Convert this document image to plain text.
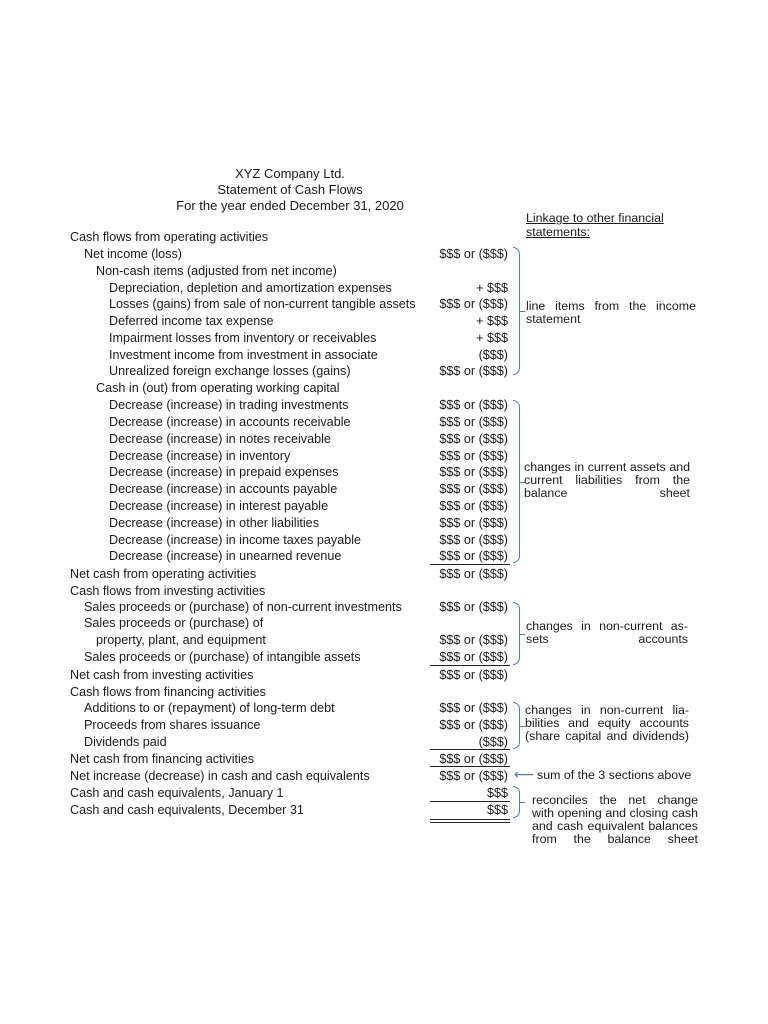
XYZ Company Ltd.
Statement of Cash Flows
For the year ended December 31, 2020
Linkage to other financial statements:
Cash flows from operating activities
Net income (loss)	$$$ or ($$$)
Non-cash items (adjusted from net income)
Depreciation, depletion and amortization expenses	+ $$$
Losses (gains) from sale of non-current tangible assets	$$$ or ($$$)
Deferred income tax expense	+ $$$
Impairment losses from inventory or receivables	+ $$$
Investment income from investment in associate	($$$)
Unrealized foreign exchange losses (gains)	$$$ or ($$$)
Cash in (out) from operating working capital
Decrease (increase) in trading investments	$$$ or ($$$)
Decrease (increase) in accounts receivable	$$$ or ($$$)
Decrease (increase) in notes receivable	$$$ or ($$$)
Decrease (increase) in inventory	$$$ or ($$$)
Decrease (increase) in prepaid expenses	$$$ or ($$$)
Decrease (increase) in accounts payable	$$$ or ($$$)
Decrease (increase) in interest payable	$$$ or ($$$)
Decrease (increase) in other liabilities	$$$ or ($$$)
Decrease (increase) in income taxes payable	$$$ or ($$$)
Decrease (increase) in unearned revenue	$$$ or ($$$)
Net cash from operating activities	$$$ or ($$$)
Cash flows from investing activities
Sales proceeds or (purchase) of non-current investments	$$$ or ($$$)
Sales proceeds or (purchase) of
property, plant, and equipment	$$$ or ($$$)
Sales proceeds or (purchase) of intangible assets	$$$ or ($$$)
Net cash from investing activities	$$$ or ($$$)
Cash flows from financing activities
Additions to or (repayment) of long-term debt	$$$ or ($$$)
Proceeds from shares issuance	$$$ or ($$$)
Dividends paid	($$$)
Net cash from financing activities	$$$ or ($$$)
Net increase (decrease) in cash and cash equivalents	$$$ or ($$$)
Cash and cash equivalents, January 1	$$$
Cash and cash equivalents, December 31	$$$
line items from the income statement
changes in current assets and current liabilities from the balance sheet
changes in non-current as-sets accounts
changes in non-current lia-bilities and equity accounts (share capital and dividends)
⟵ sum of the 3 sections above
reconciles the net change with opening and closing cash and cash equivalent balances from the balance sheet
